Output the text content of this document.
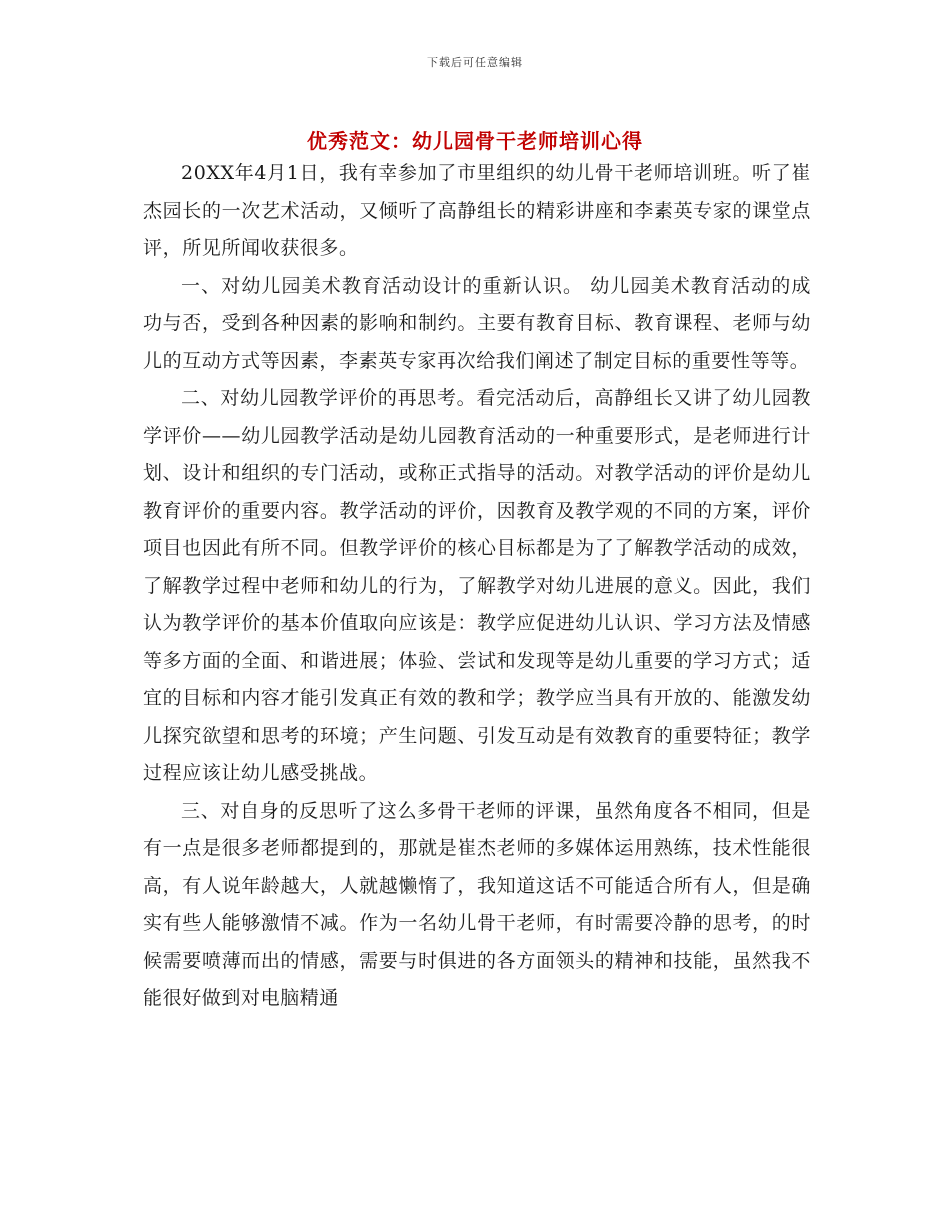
下载后可任意编辑
优秀范文：幼儿园骨干老师培训心得

20XX年4月1日，我有幸参加了市里组织的幼儿骨干老师培训班。听了崔杰园长的一次艺术活动，又倾听了高静组长的精彩讲座和李素英专家的课堂点评，所见所闻收获很多。

一、对幼儿园美术教育活动设计的重新认识。 幼儿园美术教育活动的成功与否，受到各种因素的影响和制约。主要有教育目标、教育课程、老师与幼儿的互动方式等因素，李素英专家再次给我们阐述了制定目标的重要性等等。

二、对幼儿园教学评价的再思考。看完活动后，高静组长又讲了幼儿园教学评价——幼儿园教学活动是幼儿园教育活动的一种重要形式，是老师进行计划、设计和组织的专门活动，或称正式指导的活动。对教学活动的评价是幼儿教育评价的重要内容。教学活动的评价，因教育及教学观的不同的方案，评价项目也因此有所不同。但教学评价的核心目标都是为了了解教学活动的成效，了解教学过程中老师和幼儿的行为，了解教学对幼儿进展的意义。因此，我们认为教学评价的基本价值取向应该是：教学应促进幼儿认识、学习方法及情感等多方面的全面、和谐进展；体验、尝试和发现等是幼儿重要的学习方式；适宜的目标和内容才能引发真正有效的教和学；教学应当具有开放的、能激发幼儿探究欲望和思考的环境；产生问题、引发互动是有效教育的重要特征；教学过程应该让幼儿感受挑战。

三、对自身的反思听了这么多骨干老师的评课，虽然角度各不相同，但是有一点是很多老师都提到的，那就是崔杰老师的多媒体运用熟练，技术性能很高，有人说年龄越大，人就越懒惰了，我知道这话不可能适合所有人，但是确实有些人能够激情不减。作为一名幼儿骨干老师，有时需要冷静的思考，的时候需要喷薄而出的情感，需要与时俱进的各方面领头的精神和技能，虽然我不能很好做到对电脑精通
